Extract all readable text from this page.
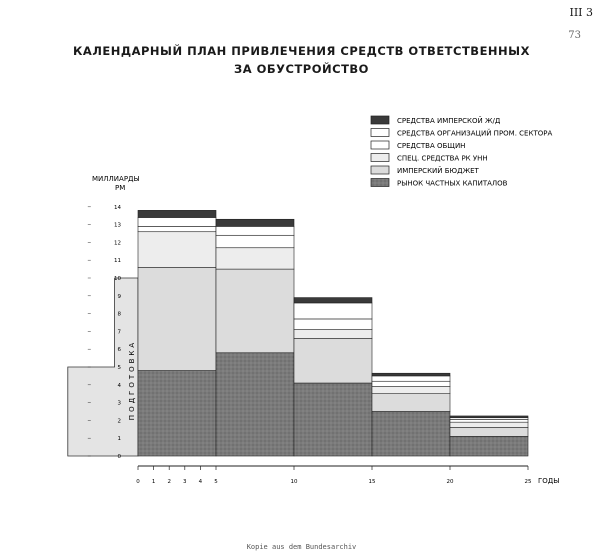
III 3
73
КАЛЕНДАРНЫЙ ПЛАН ПРИВЛЕЧЕНИЯ СРЕДСТВ ОТВЕТСТВЕННЫХ
ЗА ОБУСТРОЙСТВО
СРЕДСТВА ИМПЕРСКОЙ Ж/Д
СРЕДСТВА ОРГАНИЗАЦИЙ ПРОМ. СЕКТОРА
СРЕДСТВА ОБЩИН
СПЕЦ. СРЕДСТВА РК УНН
ИМПЕРСКИЙ БЮДЖЕТ
РЫНОК ЧАСТНЫХ КАПИТАЛОВ
МИЛЛИАРДЫ
РМ
0
1
2
3
4
5
6
7
8
9
10
11
12
13
14
0 1 2 3 4 5	10	15	20	25 ГОДЫ
ПОДГОТОВКА
Kopie aus dem Bundesarchiv
